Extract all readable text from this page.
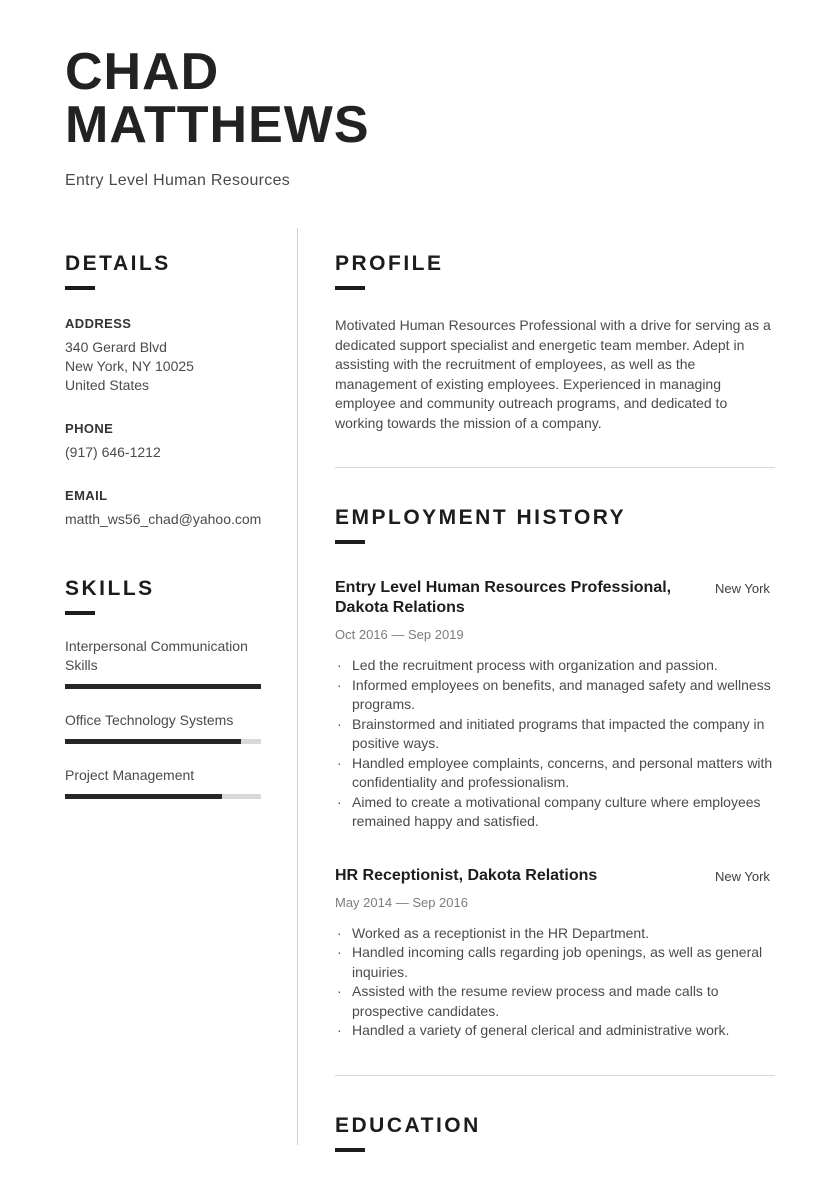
CHAD
MATTHEWS
Entry Level Human Resources
DETAILS
ADDRESS
340 Gerard Blvd
New York, NY 10025
United States
PHONE
(917) 646-1212
EMAIL
matth_ws56_chad@yahoo.com
SKILLS
Interpersonal Communication Skills
Office Technology Systems
Project Management
PROFILE

Motivated Human Resources Professional with a drive for serving as a dedicated support specialist and energetic team member. Adept in assisting with the recruitment of employees, as well as the management of existing employees. Experienced in managing employee and community outreach programs, and dedicated to working towards the mission of a company.

EMPLOYMENT HISTORY
Entry Level Human Resources Professional, Dakota Relations
New York
Oct 2016 — Sep 2019
· Led the recruitment process with organization and passion.
· Informed employees on benefits, and managed safety and wellness programs.
· Brainstormed and initiated programs that impacted the company in positive ways.
· Handled employee complaints, concerns, and personal matters with confidentiality and professionalism.
· Aimed to create a motivational company culture where employees remained happy and satisfied.
HR Receptionist, Dakota Relations	New York
May 2014 — Sep 2016
· Worked as a receptionist in the HR Department.
· Handled incoming calls regarding job openings, as well as general inquiries.
· Assisted with the resume review process and made calls to prospective candidates.
· Handled a variety of general clerical and administrative work.
EDUCATION
